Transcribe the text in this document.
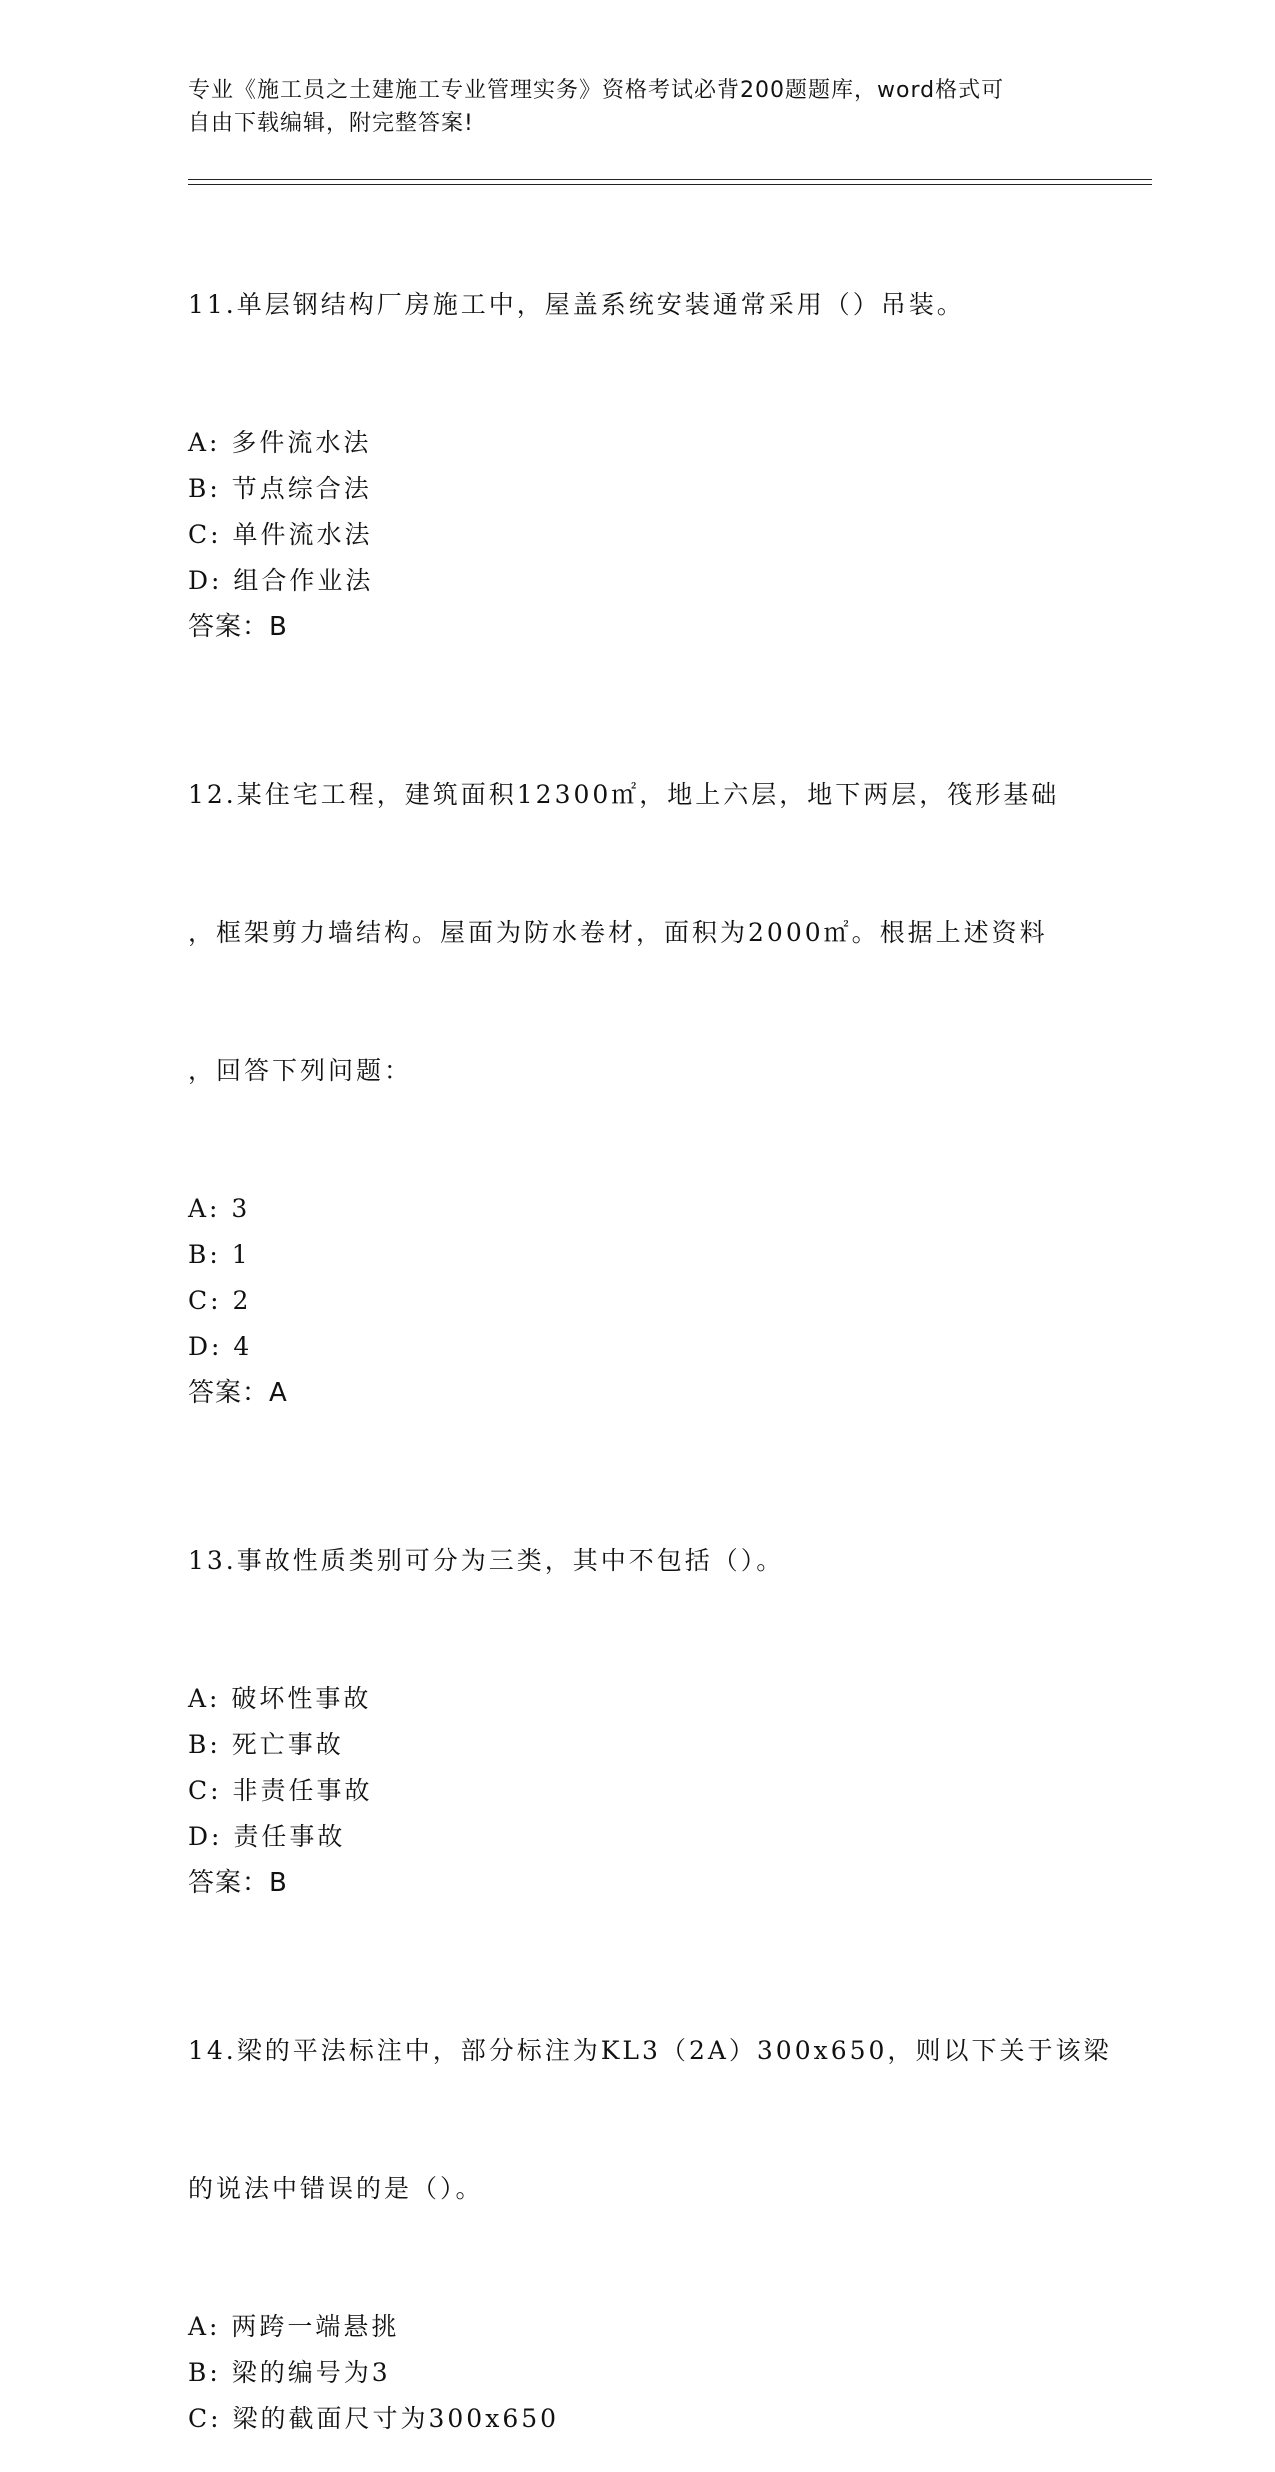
专业《施工员之土建施工专业管理实务》资格考试必背200题题库，word格式可
自由下载编辑，附完整答案!

11.单层钢结构厂房施工中，屋盖系统安装通常采用（）吊装。

A: 多件流水法
B: 节点综合法
C: 单件流水法
D: 组合作业法
答案：B

12.某住宅工程，建筑面积12300㎡，地上六层，地下两层，筏形基础

，框架剪力墙结构。屋面为防水卷材，面积为2000㎡。根据上述资料

，回答下列问题：

A: 3
B: 1
C: 2
D: 4
答案：A

13.事故性质类别可分为三类，其中不包括（）。

A: 破坏性事故
B: 死亡事故
C: 非责任事故
D: 责任事故
答案：B

14.梁的平法标注中，部分标注为KL3（2A）300x650，则以下关于该梁

的说法中错误的是（）。

A: 两跨一端悬挑
B: 梁的编号为3
C: 梁的截面尺寸为300x650
